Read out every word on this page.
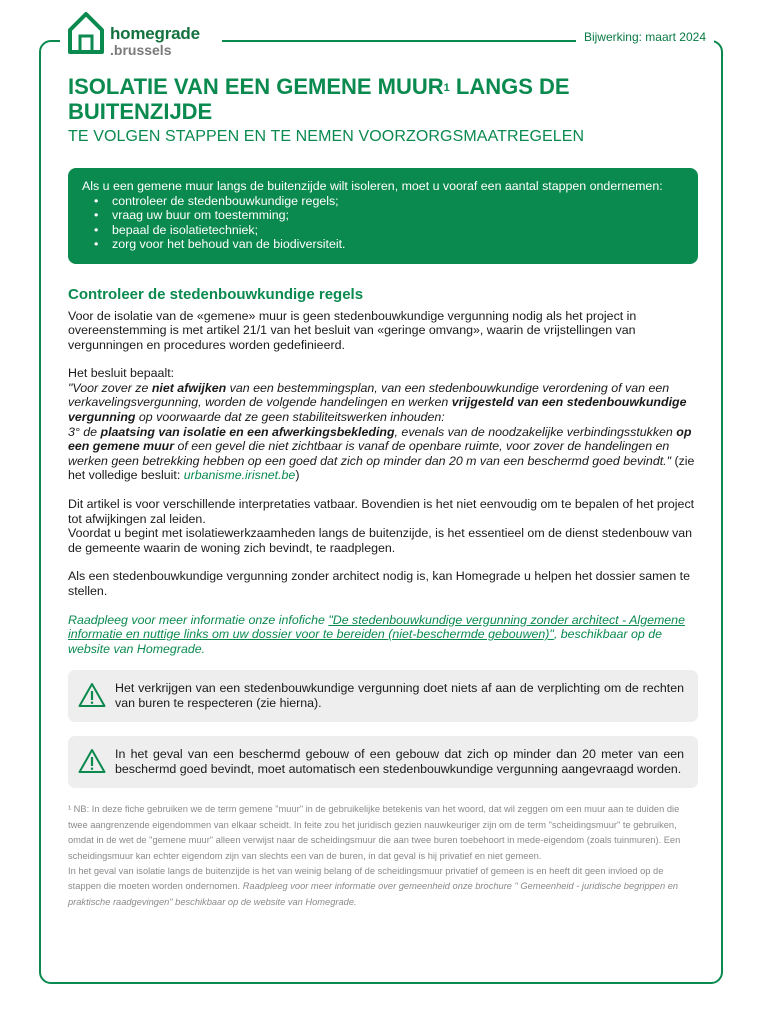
homegrade
.brussels
Bijwerking: maart 2024
ISOLATIE VAN EEN GEMENE MUUR$^1$ LANGS DE BUITENZIJDE
TE VOLGEN STAPPEN EN TE NEMEN VOORZORGSMAATREGELEN
Als u een gemene muur langs de buitenzijde wilt isoleren, moet u vooraf een aantal stappen ondernemen:
• controleer de stedenbouwkundige regels;
• vraag uw buur om toestemming;
• bepaal de isolatietechniek;
• zorg voor het behoud van de biodiversiteit.
Controleer de stedenbouwkundige regels

Voor de isolatie van de «gemene» muur is geen stedenbouwkundige vergunning nodig als het project in overeenstemming is met artikel 21/1 van het besluit van «geringe omvang», waarin de vrijstellingen van vergunningen en procedures worden gedefinieerd.

Het besluit bepaalt:
"Voor zover ze niet afwijken van een bestemmingsplan, van een stedenbouwkundige verordening of van een verkavelingsvergunning, worden de volgende handelingen en werken vrijgesteld van een stedenbouwkundige vergunning op voorwaarde dat ze geen stabiliteitswerken inhouden:
3° de plaatsing van isolatie en een afwerkingsbekleding, evenals van de noodzakelijke verbindingsstukken op een gemene muur of een gevel die niet zichtbaar is vanaf de openbare ruimte, voor zover de handelingen en werken geen betrekking hebben op een goed dat zich op minder dan 20 m van een beschermd goed bevindt." (zie het volledige besluit: urbanisme.irisnet.be)

Dit artikel is voor verschillende interpretaties vatbaar. Bovendien is het niet eenvoudig om te bepalen of het project tot afwijkingen zal leiden.
Voordat u begint met isolatiewerkzaamheden langs de buitenzijde, is het essentieel om de dienst stedenbouw van de gemeente waarin de woning zich bevindt, te raadplegen.

Als een stedenbouwkundige vergunning zonder architect nodig is, kan Homegrade u helpen het dossier samen te stellen.

Raadpleeg voor meer informatie onze infofiche "De stedenbouwkundige vergunning zonder architect - Algemene informatie en nuttige links om uw dossier voor te bereiden (niet-beschermde gebouwen)", beschikbaar op de website van Homegrade.

Het verkrijgen van een stedenbouwkundige vergunning doet niets af aan de verplichting om de rechten van buren te respecteren (zie hierna).
In het geval van een beschermd gebouw of een gebouw dat zich op minder dan 20 meter van een beschermd goed bevindt, moet automatisch een stedenbouwkundige vergunning aangevraagd worden.

¹ NB: In deze fiche gebruiken we de term gemene "muur" in de gebruikelijke betekenis van het woord, dat wil zeggen om een muur aan te duiden die twee aangrenzende eigendommen van elkaar scheidt. In feite zou het juridisch gezien nauwkeuriger zijn om de term "scheidingsmuur" te gebruiken, omdat in de wet de "gemene muur" alleen verwijst naar de scheidingsmuur die aan twee buren toebehoort in mede-eigendom (zoals tuinmuren). Een scheidingsmuur kan echter eigendom zijn van slechts een van de buren, in dat geval is hij privatief en niet gemeen.

In het geval van isolatie langs de buitenzijde is het van weinig belang of de scheidingsmuur privatief of gemeen is en heeft dit geen invloed op de stappen die moeten worden ondernomen. Raadpleeg voor meer informatie over gemeenheid onze brochure " Gemeenheid - juridische begrippen en praktische raadgevingen" beschikbaar op de website van Homegrade.
